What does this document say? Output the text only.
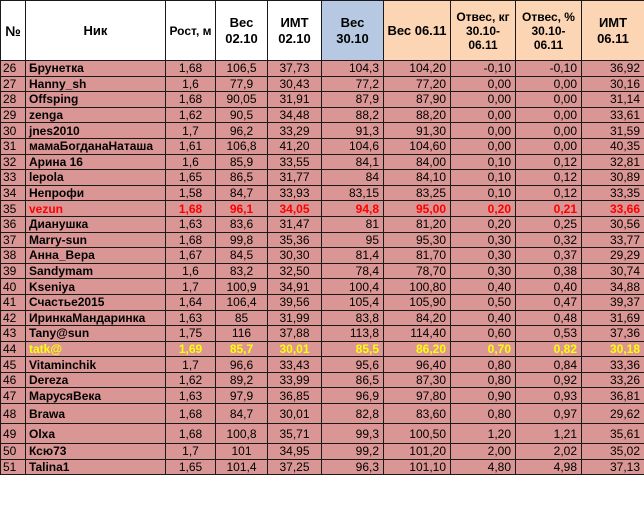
№	Ник	Рост, м	Вес 02.10	ИМТ 02.10	Вес 30.10	Вес 06.11	Отвес, кг 30.10-06.11	Отвес, % 30.10-06.11	ИМТ 06.11
26	Брунетка	1,68	106,5	37,73	104,3	104,20	-0,10	-0,10	36,92
27	Hanny_sh	1,6	77,9	30,43	77,2	77,20	0,00	0,00	30,16
28	Offsping	1,68	90,05	31,91	87,9	87,90	0,00	0,00	31,14
29	zenga	1,62	90,5	34,48	88,2	88,20	0,00	0,00	33,61
30	jnes2010	1,7	96,2	33,29	91,3	91,30	0,00	0,00	31,59
31	мамаБогданаНаташа	1,61	106,8	41,20	104,6	104,60	0,00	0,00	40,35
32	Арина 16	1,6	85,9	33,55	84,1	84,00	0,10	0,12	32,81
33	lepola	1,65	86,5	31,77	84	84,10	0,10	0,12	30,89
34	Непрофи	1,58	84,7	33,93	83,15	83,25	0,10	0,12	33,35
35	vezun	1,68	96,1	34,05	94,8	95,00	0,20	0,21	33,66
36	Дианушка	1,63	83,6	31,47	81	81,20	0,20	0,25	30,56
37	Marry-sun	1,68	99,8	35,36	95	95,30	0,30	0,32	33,77
38	Анна_Вера	1,67	84,5	30,30	81,4	81,70	0,30	0,37	29,29
39	Sandymam	1,6	83,2	32,50	78,4	78,70	0,30	0,38	30,74
40	Kseniya	1,7	100,9	34,91	100,4	100,80	0,40	0,40	34,88
41	Счастье2015	1,64	106,4	39,56	105,4	105,90	0,50	0,47	39,37
42	ИринкаМандаринка	1,63	85	31,99	83,8	84,20	0,40	0,48	31,69
43	Tany@sun	1,75	116	37,88	113,8	114,40	0,60	0,53	37,36
44	tatk@	1,69	85,7	30,01	85,5	86,20	0,70	0,82	30,18
45	Vitaminchik	1,7	96,6	33,43	95,6	96,40	0,80	0,84	33,36
46	Dereza	1,62	89,2	33,99	86,5	87,30	0,80	0,92	33,26
47	МарусяВека	1,63	97,9	36,85	96,9	97,80	0,90	0,93	36,81
48	Brawa	1,68	84,7	30,01	82,8	83,60	0,80	0,97	29,62
49	Olxa	1,68	100,8	35,71	99,3	100,50	1,20	1,21	35,61
50	Ксю73	1,7	101	34,95	99,2	101,20	2,00	2,02	35,02
51	Talina1	1,65	101,4	37,25	96,3	101,10	4,80	4,98	37,13
